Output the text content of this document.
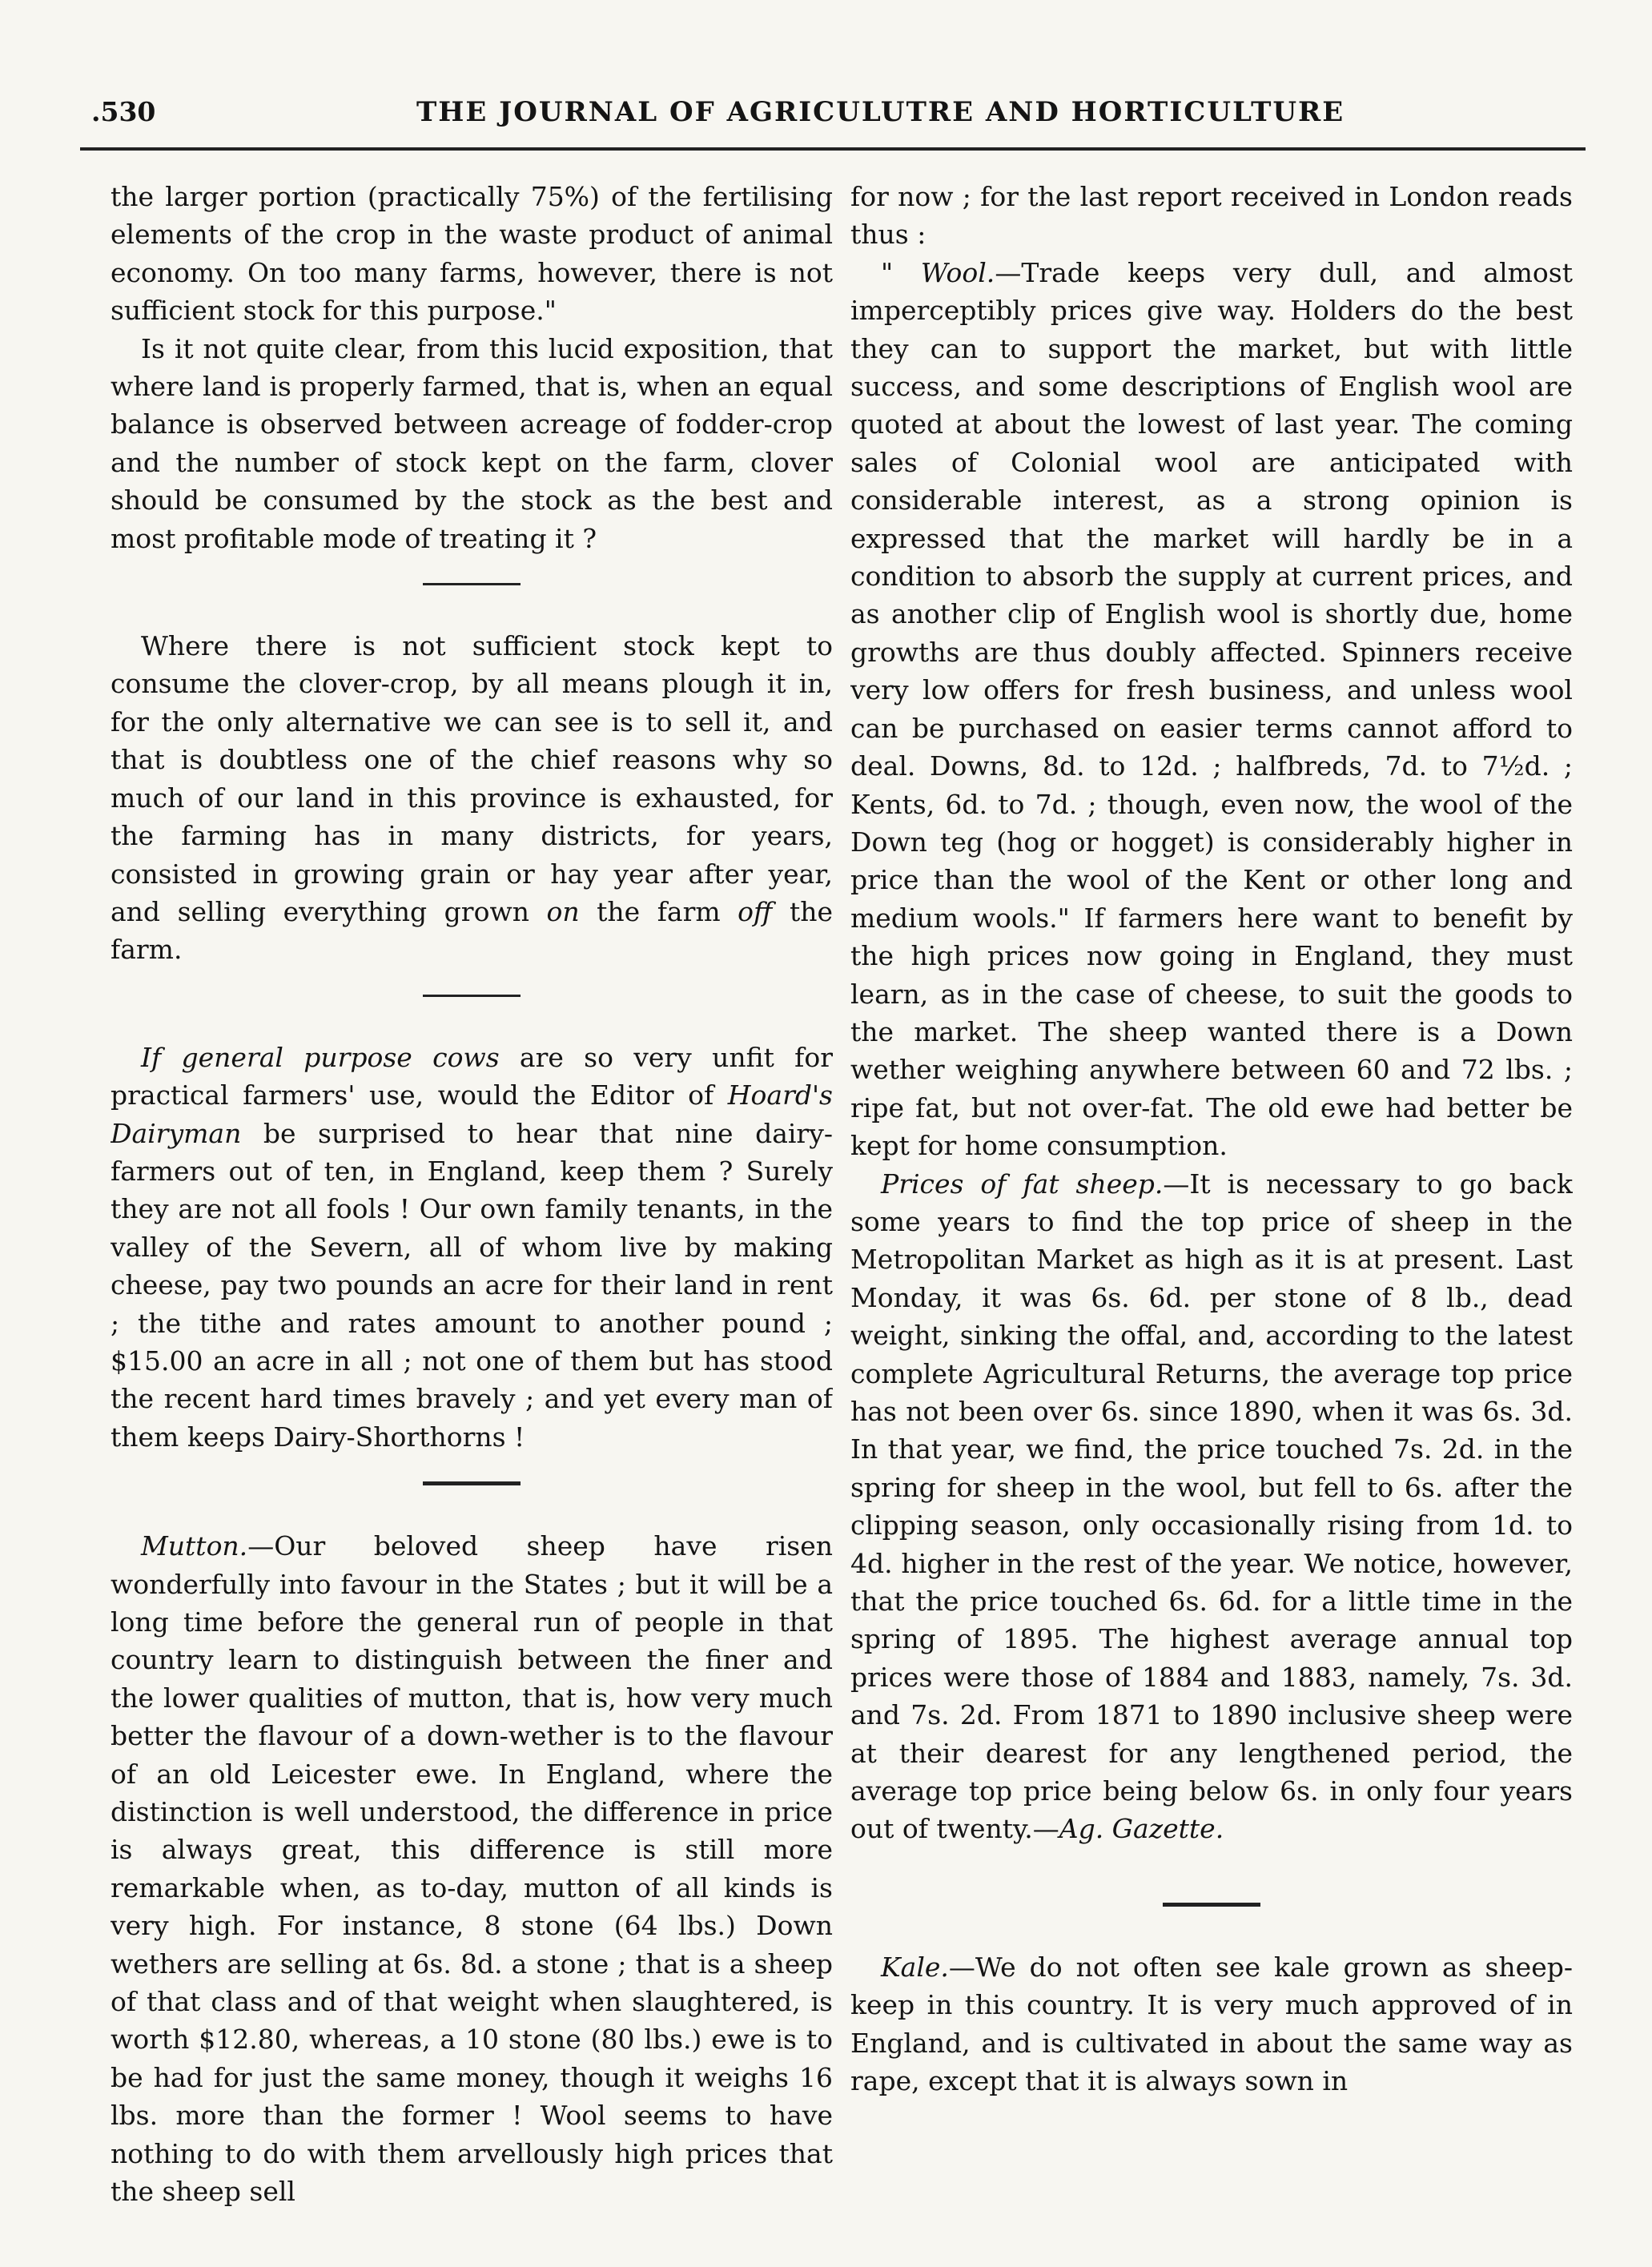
.530	THE JOURNAL OF AGRICULUTRE AND HORTICULTURE

the larger portion (practically 75%) of the fertilising elements of the crop in the waste product of animal economy. On too many farms, however, there is not sufficient stock for this purpose."

Is it not quite clear, from this lucid exposition, that where land is properly farmed, that is, when an equal balance is observed between acreage of fodder-crop and the number of stock kept on the farm, clover should be consumed by the stock as the best and most profitable mode of treating it ?

Where there is not sufficient stock kept to consume the clover-crop, by all means plough it in, for the only alternative we can see is to sell it, and that is doubtless one of the chief reasons why so much of our land in this province is exhausted, for the farming has in many districts, for years, consisted in growing grain or hay year after year, and selling everything grown on the farm off the farm.

If general purpose cows are so very unfit for practical farmers' use, would the Editor of Hoard's Dairyman be surprised to hear that nine dairy-farmers out of ten, in England, keep them ? Surely they are not all fools ! Our own family tenants, in the valley of the Severn, all of whom live by making cheese, pay two pounds an acre for their land in rent ; the tithe and rates amount to another pound ; $15.00 an acre in all ; not one of them but has stood the recent hard times bravely ; and yet every man of them keeps Dairy-Shorthorns !

Mutton.—Our beloved sheep have risen wonderfully into favour in the States ; but it will be a long time before the general run of people in that country learn to distinguish between the finer and the lower qualities of mutton, that is, how very much better the flavour of a down-wether is to the flavour of an old Leicester ewe. In England, where the distinction is well understood, the difference in price is always great, this difference is still more remarkable when, as to-day, mutton of all kinds is very high. For instance, 8 stone (64 lbs.) Down wethers are selling at 6s. 8d. a stone ; that is a sheep of that class and of that weight when slaughtered, is worth $12.80, whereas, a 10 stone (80 lbs.) ewe is to be had for just the same money, though it weighs 16 lbs. more than the former ! Wool seems to have nothing to do with them arvellously high prices that the sheep sell

for now ; for the last report received in London reads thus :

" Wool.—Trade keeps very dull, and almost imperceptibly prices give way. Holders do the best they can to support the market, but with little success, and some descriptions of English wool are quoted at about the lowest of last year. The coming sales of Colonial wool are anticipated with considerable interest, as a strong opinion is expressed that the market will hardly be in a condition to absorb the supply at current prices, and as another clip of English wool is shortly due, home growths are thus doubly affected. Spinners receive very low offers for fresh business, and unless wool can be purchased on easier terms cannot afford to deal. Downs, 8d. to 12d. ; halfbreds, 7d. to 7½d. ; Kents, 6d. to 7d. ; though, even now, the wool of the Down teg (hog or hogget) is considerably higher in price than the wool of the Kent or other long and medium wools." If farmers here want to benefit by the high prices now going in England, they must learn, as in the case of cheese, to suit the goods to the market. The sheep wanted there is a Down wether weighing anywhere between 60 and 72 lbs. ; ripe fat, but not over-fat. The old ewe had better be kept for home consumption.

Prices of fat sheep.—It is necessary to go back some years to find the top price of sheep in the Metropolitan Market as high as it is at present. Last Monday, it was 6s. 6d. per stone of 8 lb., dead weight, sinking the offal, and, according to the latest complete Agricultural Returns, the average top price has not been over 6s. since 1890, when it was 6s. 3d. In that year, we find, the price touched 7s. 2d. in the spring for sheep in the wool, but fell to 6s. after the clipping season, only occasionally rising from 1d. to 4d. higher in the rest of the year. We notice, however, that the price touched 6s. 6d. for a little time in the spring of 1895. The highest average annual top prices were those of 1884 and 1883, namely, 7s. 3d. and 7s. 2d. From 1871 to 1890 inclusive sheep were at their dearest for any lengthened period, the average top price being below 6s. in only four years out of twenty.—Ag. Gazette.

Kale.—We do not often see kale grown as sheep-keep in this country. It is very much approved of in England, and is cultivated in about the same way as rape, except that it is always sown in
